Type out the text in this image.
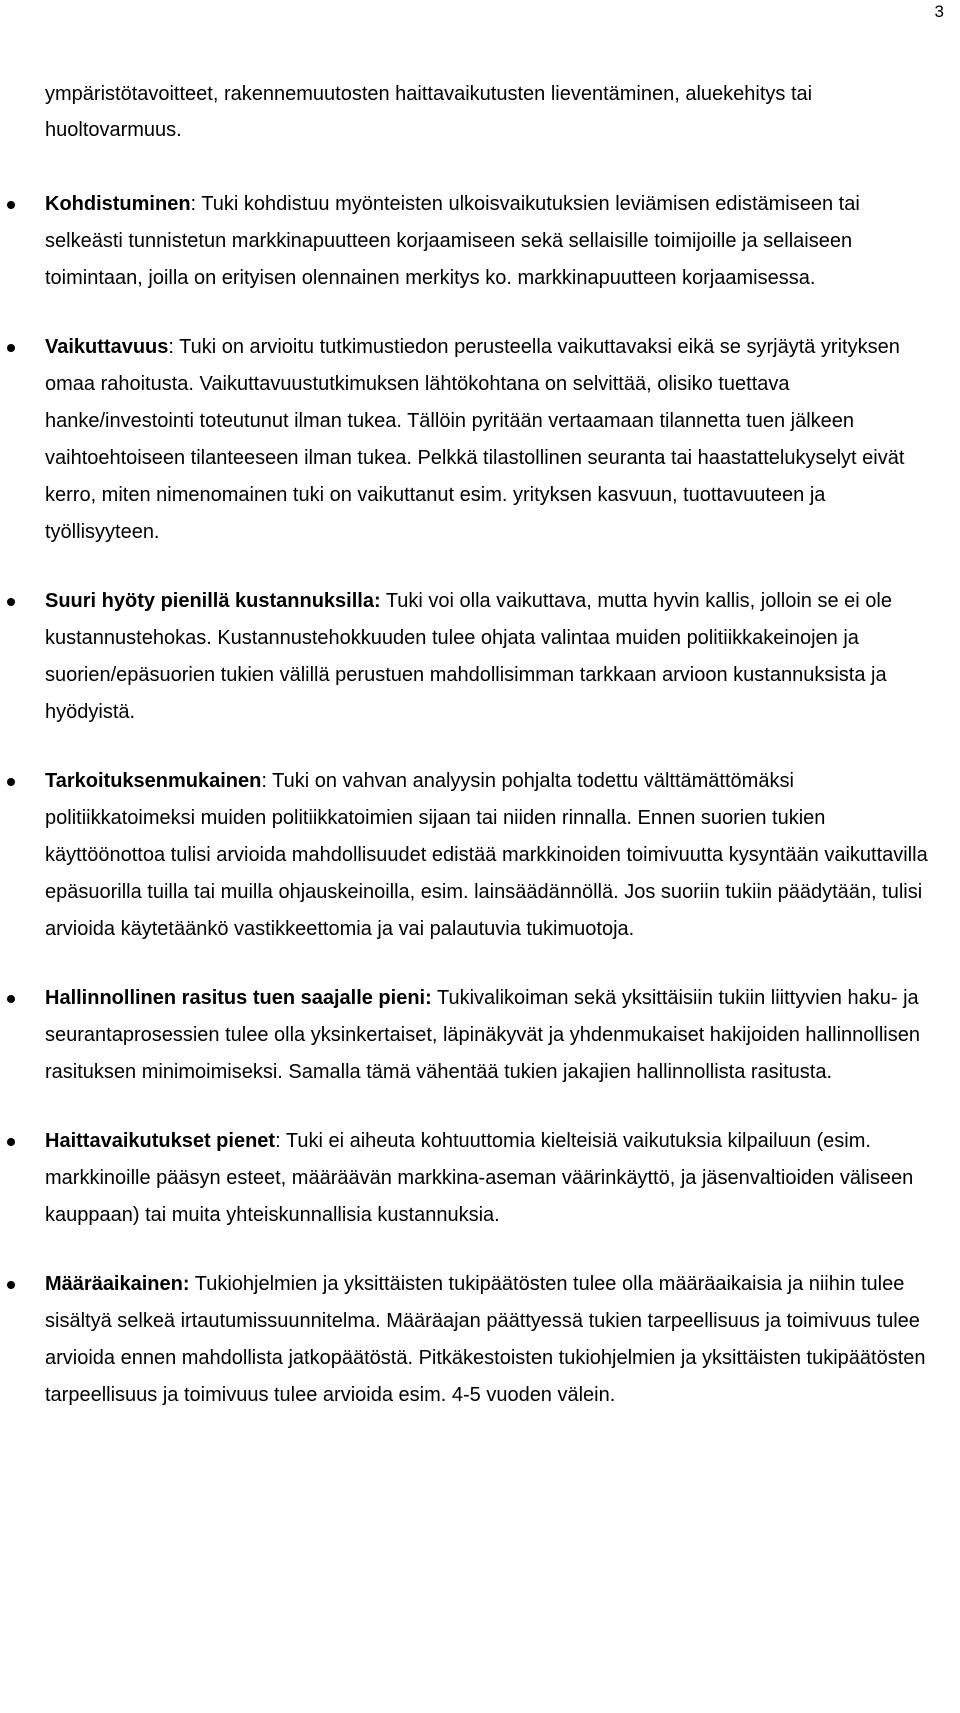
3
ympäristötavoitteet, rakennemuutosten haittavaikutusten lieventäminen, aluekehitys tai huoltovarmuus.
Kohdistuminen: Tuki kohdistuu myönteisten ulkoisvaikutuksien leviämisen edistämiseen tai selkeästi tunnistetun markkinapuutteen korjaamiseen sekä sellaisille toimijoille ja sellaiseen toimintaan, joilla on erityisen olennainen merkitys ko. markkinapuutteen korjaamisessa.
Vaikuttavuus: Tuki on arvioitu tutkimustiedon perusteella vaikuttavaksi eikä se syrjäytä yrityksen omaa rahoitusta. Vaikuttavuustutkimuksen lähtökohtana on selvittää, olisiko tuettava hanke/investointi toteutunut ilman tukea. Tällöin pyritään vertaamaan tilannetta tuen jälkeen vaihtoehtoiseen tilanteeseen ilman tukea. Pelkkä tilastollinen seuranta tai haastattelukyselyt eivät kerro, miten nimenomainen tuki on vaikuttanut esim. yrityksen kasvuun, tuottavuuteen ja työllisyyteen.
Suuri hyöty pienillä kustannuksilla: Tuki voi olla vaikuttava, mutta hyvin kallis, jolloin se ei ole kustannustehokas. Kustannustehokkuuden tulee ohjata valintaa muiden politiikkakeinojen ja suorien/epäsuorien tukien välillä perustuen mahdollisimman tarkkaan arvioon kustannuksista ja hyödyistä.
Tarkoituksenmukainen: Tuki on vahvan analyysin pohjalta todettu välttämättömäksi politiikkatoimeksi muiden politiikkatoimien sijaan tai niiden rinnalla. Ennen suorien tukien käyttöönottoa tulisi arvioida mahdollisuudet edistää markkinoiden toimivuutta kysyntään vaikuttavilla epäsuorilla tuilla tai muilla ohjauskeinoilla, esim. lainsäädännöllä. Jos suoriin tukiin päädytään, tulisi arvioida käytetäänkö vastikkeettomia ja vai palautuvia tukimuotoja.
Hallinnollinen rasitus tuen saajalle pieni: Tukivalikoiman sekä yksittäisiin tukiin liittyvien haku- ja seurantaprosessien tulee olla yksinkertaiset, läpinäkyvät ja yhdenmukaiset hakijoiden hallinnollisen rasituksen minimoimiseksi. Samalla tämä vähentää tukien jakajien hallinnollista rasitusta.
Haittavaikutukset pienet: Tuki ei aiheuta kohtuuttomia kielteisiä vaikutuksia kilpailuun (esim. markkinoille pääsyn esteet, määräävän markkina-aseman väärinkäyttö, ja jäsenvaltioiden väliseen kauppaan) tai muita yhteiskunnallisia kustannuksia.
Määräaikainen: Tukiohjelmien ja yksittäisten tukipäätösten tulee olla määräaikaisia ja niihin tulee sisältyä selkeä irtautumissuunnitelma. Määräajan päättyessä tukien tarpeellisuus ja toimivuus tulee arvioida ennen mahdollista jatkopäätöstä. Pitkäkestoisten tukiohjelmien ja yksittäisten tukipäätösten tarpeellisuus ja toimivuus tulee arvioida esim. 4-5 vuoden välein.
